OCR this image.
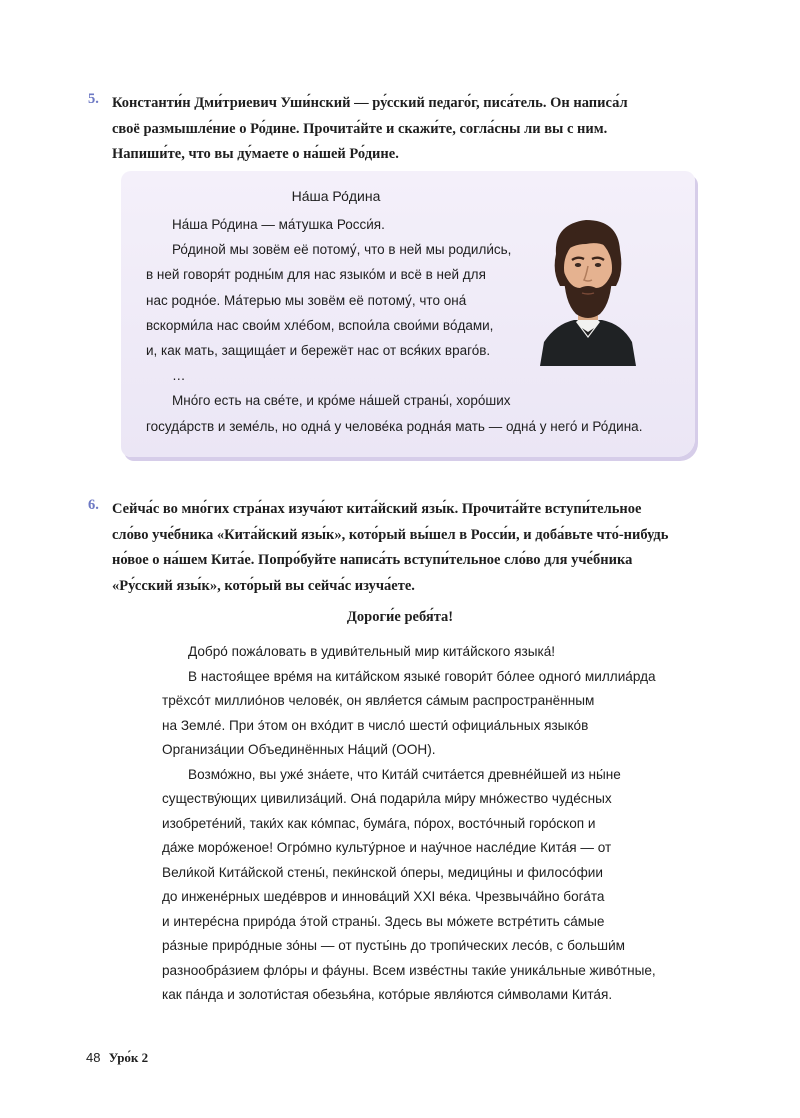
5. Константи́н Дми́триевич Уши́нский — ру́сский педаго́г, писа́тель. Он написа́л
своё размышле́ние о Ро́дине. Прочита́йте и скажи́те, согла́сны ли вы с ним.
Напиши́те, что вы ду́маете о на́шей Ро́дине.
На́ша Ро́дина
На́ша Ро́дина — ма́тушка Росси́я.
Ро́диной мы зовём её потому́, что в ней мы родили́сь,
в ней говоря́т родны́м для нас языко́м и всё в ней для
нас родно́е. Ма́терью мы зовём её потому́, что она́
вскорми́ла нас свои́м хле́бом, вспои́ла свои́ми во́дами,
и, как мать, защища́ет и бережёт нас от вся́ких враго́в.
…
Мно́го есть на све́те, и кро́ме на́шей страны́, хоро́ших
госуда́рств и земе́ль, но одна́ у челове́ка родна́я мать — одна́ у него́ и Ро́дина.
6. Сейча́с во мно́гих стра́нах изуча́ют кита́йский язы́к. Прочита́йте вступи́тельное
сло́во уче́бника «Кита́йский язы́к», кото́рый вы́шел в Росси́и, и доба́вьте что́-нибудь
но́вое о на́шем Кита́е. Попро́буйте написа́ть вступи́тельное сло́во для уче́бника
«Ру́сский язы́к», кото́рый вы сейча́с изуча́ете.
Дороги́е ребя́та!
Добро́ пожа́ловать в удиви́тельный мир кита́йского языка́!
В настоя́щее вре́мя на кита́йском языке́ говори́т бо́лее одного́ миллиа́рда
трёхсо́т миллио́нов челове́к, он явля́ется са́мым распространённым
на Земле́. При э́том он вхо́дит в число́ шести́ официа́льных языко́в
Организа́ции Объединённых На́ций (ООН).
Возмо́жно, вы уже́ зна́ете, что Кита́й счита́ется древне́йшей из ны́не
существу́ющих цивилиза́ций. Она́ подари́ла ми́ру мно́жество чуде́сных
изобрете́ний, таки́х как ко́мпас, бума́га, по́рох, восто́чный горо́скоп и
да́же моро́женое! Огро́мно культу́рное и нау́чное насле́дие Кита́я — от
Вели́кой Кита́йской стены́, пеки́нской о́перы, медици́ны и филосо́фии
до инжене́рных шеде́вров и иннова́ций XXI ве́ка. Чрезвыча́йно бога́та
и интере́сна приро́да э́той страны́. Здесь вы мо́жете встре́тить са́мые
ра́зные приро́дные зо́ны — от пусты́нь до тропи́ческих лесо́в, с больши́м
разнообра́зием фло́ры и фа́уны. Всем изве́стны таки́е уника́льные живо́тные,
как па́нда и золоти́стая обезья́на, кото́рые явля́ются си́мволами Кита́я.
48 Уро́к 2
